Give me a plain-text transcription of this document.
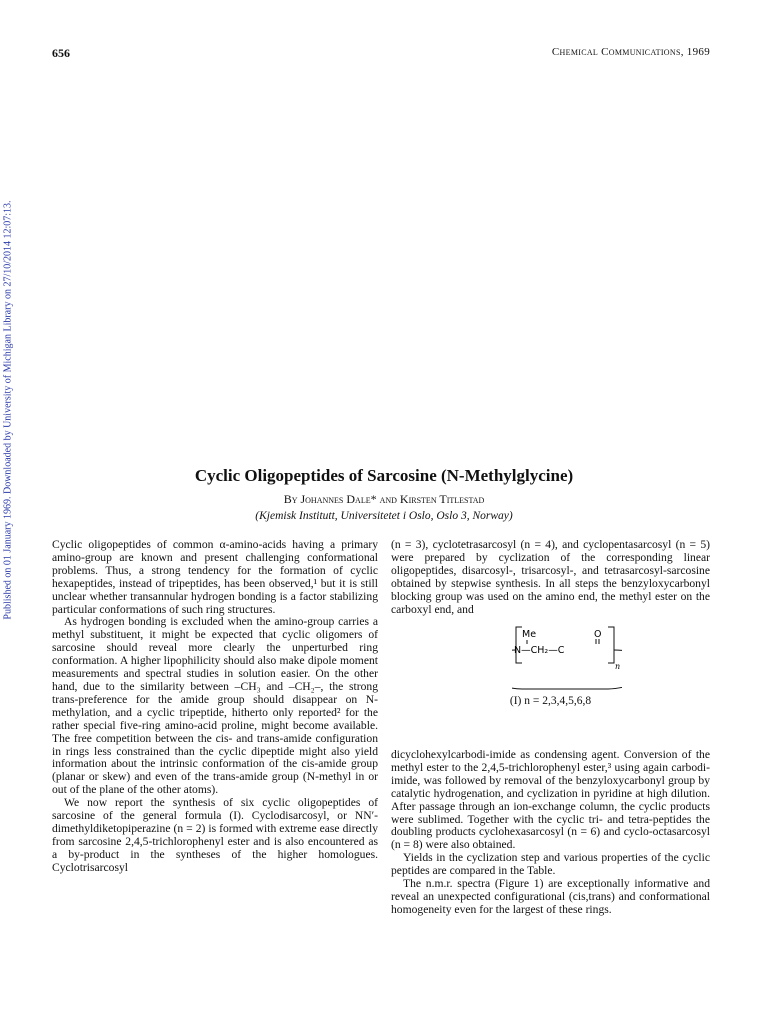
656	Chemical Communications, 1969
Published on 01 January 1969. Downloaded by University of Michigan Library on 27/10/2014 12:07:13.	Cyclic Oligopeptides of Sarcosine (N-Methylglycine)
By Johannes Dale* and Kirsten Titlestad
(Kjemisk Institutt, Universitetet i Oslo, Oslo 3, Norway)

Cyclic oligopeptides of common α-amino-acids having a primary amino-group are known and present challenging conformational problems. Thus, a strong tendency for the formation of cyclic hexapeptides, instead of tripeptides, has been observed,¹ but it is still unclear whether transannular hydrogen bonding is a factor stabilizing particular conformations of such ring structures.

As hydrogen bonding is excluded when the amino-group carries a methyl substituent, it might be expected that cyclic oligomers of sarcosine should reveal more clearly the unperturbed ring conformation. A higher lipophilicity should also make dipole moment measurements and spectral studies in solution easier. On the other hand, due to the similarity between –CH₃ and –CH₂–, the strong trans-preference for the amide group should disappear on N-methylation, and a cyclic tripeptide, hitherto only reported² for the rather special five-ring amino-acid proline, might become available. The free competition between the cis- and trans-amide configuration in rings less constrained than the cyclic dipeptide might also yield information about the intrinsic conformation of the cis-amide group (planar or skew) and even of the trans-amide group (N-methyl in or out of the plane of the other atoms).

We now report the synthesis of six cyclic oligopeptides of sarcosine of the general formula (I). Cyclodisarcosyl, or NN′-dimethyldiketopiperazine (n = 2) is formed with extreme ease directly from sarcosine 2,4,5-trichlorophenyl ester and is also encountered as a by-product in the syntheses of the higher homologues. Cyclotrisarcosyl

(n = 3), cyclotetrasarcosyl (n = 4), and cyclopentasarcosyl (n = 5) were prepared by cyclization of the corresponding linear oligopeptides, disarcosyl-, trisarcosyl-, and tetrasarcosyl-sarcosine obtained by stepwise synthesis. In all steps the benzyloxycarbonyl blocking group was used on the amino end, the methyl ester on the carboxyl end, and

Me	O
N—CH₂—C
n
(I) n = 2,3,4,5,6,8

dicyclohexylcarbodi-imide as condensing agent. Conversion of the methyl ester to the 2,4,5-trichlorophenyl ester,³ using again carbodi-imide, was followed by removal of the benzyloxycarbonyl group by catalytic hydrogenation, and cyclization in pyridine at high dilution. After passage through an ion-exchange column, the cyclic products were sublimed. Together with the cyclic tri- and tetra-peptides the doubling products cyclohexasarcosyl (n = 6) and cyclo-octasarcosyl (n = 8) were also obtained.

Yields in the cyclization step and various properties of the cyclic peptides are compared in the Table.

The n.m.r. spectra (Figure 1) are exceptionally informative and reveal an unexpected configurational (cis,trans) and conformational homogeneity even for the largest of these rings.
